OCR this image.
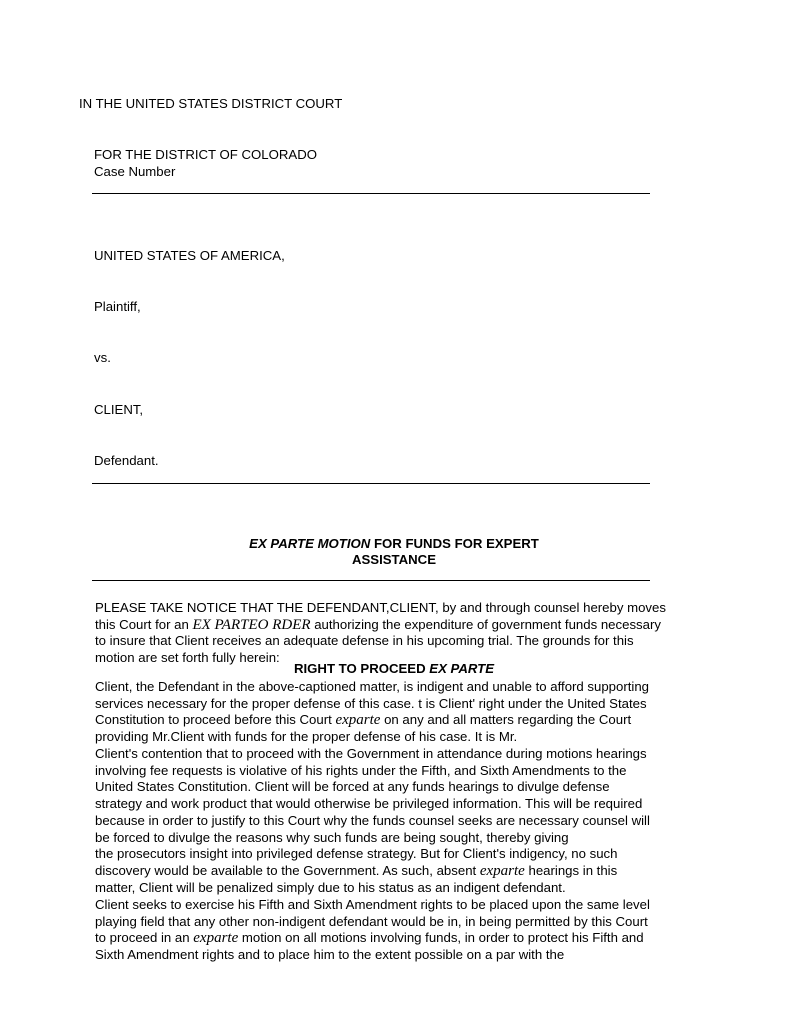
IN THE UNITED STATES DISTRICT COURT
FOR THE DISTRICT OF COLORADO
Case Number
UNITED STATES OF AMERICA,
Plaintiff,
vs.
CLIENT,
Defendant.
EX PARTE MOTION FOR FUNDS FOR EXPERT
ASSISTANCE
PLEASE TAKE NOTICE THAT THE DEFENDANT,CLIENT, by and through counsel hereby moves
this Court for an EX PARTEO RDER authorizing the expenditure of government funds necessary
to insure that Client receives an adequate defense in his upcoming trial. The grounds for this
motion are set forth fully herein:
RIGHT TO PROCEED EX PARTE
Client, the Defendant in the above-captioned matter, is indigent and unable to afford supporting
services necessary for the proper defense of this case. t is Client' right under the United States
Constitution to proceed before this Court exparte on any and all matters regarding the Court
providing Mr.Client with funds for the proper defense of his case. It is Mr.
Client's contention that to proceed with the Government in attendance during motions hearings
involving fee requests is violative of his rights under the Fifth, and Sixth Amendments to the
United States Constitution. Client will be forced at any funds hearings to divulge defense
strategy and work product that would otherwise be privileged information. This will be required
because in order to justify to this Court why the funds counsel seeks are necessary counsel will
be forced to divulge the reasons why such funds are being sought, thereby giving
the prosecutors insight into privileged defense strategy. But for Client's indigency, no such
discovery would be available to the Government. As such, absent exparte hearings in this
matter, Client will be penalized simply due to his status as an indigent defendant.
Client seeks to exercise his Fifth and Sixth Amendment rights to be placed upon the same level
playing field that any other non-indigent defendant would be in, in being permitted by this Court
to proceed in an exparte motion on all motions involving funds, in order to protect his Fifth and
Sixth Amendment rights and to place him to the extent possible on a par with the
